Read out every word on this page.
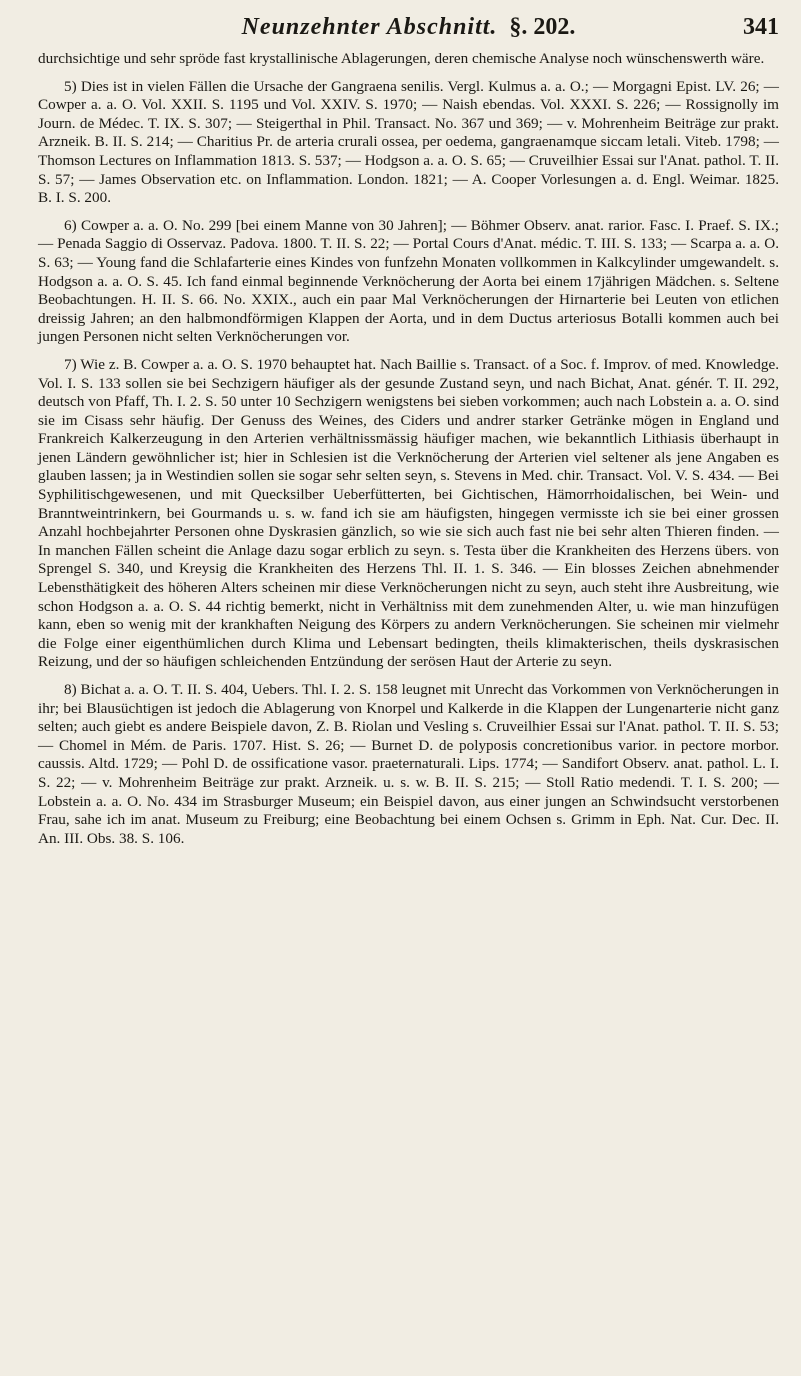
Neunzehnter Abschnitt. §. 202.	341

durchsichtige und sehr spröde fast krystallinische Ablagerungen, deren chemische Analyse noch wünschenswerth wäre.

5) Dies ist in vielen Fällen die Ursache der Gangraena senilis. Vergl. Kulmus a. a. O.; — Morgagni Epist. LV. 26; — Cowper a. a. O. Vol. XXII. S. 1195 und Vol. XXIV. S. 1970; — Naish ebendas. Vol. XXXI. S. 226; — Rossignolly im Journ. de Médec. T. IX. S. 307; — Steigerthal in Phil. Transact. No. 367 und 369; — v. Mohrenheim Beiträge zur prakt. Arzneik. B. II. S. 214; — Charitius Pr. de arteria crurali ossea, per oedema, gangraenamque siccam letali. Viteb. 1798; — Thomson Lectures on Inflammation 1813. S. 537; — Hodgson a. a. O. S. 65; — Cruveilhier Essai sur l'Anat. pathol. T. II. S. 57; — James Observation etc. on Inflammation. London. 1821; — A. Cooper Vorlesungen a. d. Engl. Weimar. 1825. B. I. S. 200.

6) Cowper a. a. O. No. 299 [bei einem Manne von 30 Jahren]; — Böhmer Observ. anat. rarior. Fasc. I. Praef. S. IX.; — Penada Saggio di Osservaz. Padova. 1800. T. II. S. 22; — Portal Cours d'Anat. médic. T. III. S. 133; — Scarpa a. a. O. S. 63; — Young fand die Schlafarterie eines Kindes von funfzehn Monaten vollkommen in Kalkcylinder umgewandelt. s. Hodgson a. a. O. S. 45. Ich fand einmal beginnende Verknöcherung der Aorta bei einem 17jährigen Mädchen. s. Seltene Beobachtungen. H. II. S. 66. No. XXIX., auch ein paar Mal Verknöcherungen der Hirnarterie bei Leuten von etlichen dreissig Jahren; an den halbmondförmigen Klappen der Aorta, und in dem Ductus arteriosus Botalli kommen auch bei jungen Personen nicht selten Verknöcherungen vor.

7) Wie z. B. Cowper a. a. O. S. 1970 behauptet hat. Nach Baillie s. Transact. of a Soc. f. Improv. of med. Knowledge. Vol. I. S. 133 sollen sie bei Sechzigern häufiger als der gesunde Zustand seyn, und nach Bichat, Anat. génér. T. II. 292, deutsch von Pfaff, Th. I. 2. S. 50 unter 10 Sechzigern wenigstens bei sieben vorkommen; auch nach Lobstein a. a. O. sind sie im Cisass sehr häufig. Der Genuss des Weines, des Ciders und andrer starker Getränke mögen in England und Frankreich Kalkerzeugung in den Arterien verhältnissmässig häufiger machen, wie bekanntlich Lithiasis überhaupt in jenen Ländern gewöhnlicher ist; hier in Schlesien ist die Verknöcherung der Arterien viel seltener als jene Angaben es glauben lassen; ja in Westindien sollen sie sogar sehr selten seyn, s. Stevens in Med. chir. Transact. Vol. V. S. 434. — Bei Syphilitischgewesenen, und mit Quecksilber Ueberfütterten, bei Gichtischen, Hämorrhoidalischen, bei Wein- und Branntweintrinkern, bei Gourmands u. s. w. fand ich sie am häufigsten, hingegen vermisste ich sie bei einer grossen Anzahl hochbejahrter Personen ohne Dyskrasien gänzlich, so wie sie sich auch fast nie bei sehr alten Thieren finden. — In manchen Fällen scheint die Anlage dazu sogar erblich zu seyn. s. Testa über die Krankheiten des Herzens übers. von Sprengel S. 340, und Kreysig die Krankheiten des Herzens Thl. II. 1. S. 346. — Ein blosses Zeichen abnehmender Lebensthätigkeit des höheren Alters scheinen mir diese Verknöcherungen nicht zu seyn, auch steht ihre Ausbreitung, wie schon Hodgson a. a. O. S. 44 richtig bemerkt, nicht in Verhältniss mit dem zunehmenden Alter, u. wie man hinzufügen kann, eben so wenig mit der krankhaften Neigung des Körpers zu andern Verknöcherungen. Sie scheinen mir vielmehr die Folge einer eigenthümlichen durch Klima und Lebensart bedingten, theils klimakterischen, theils dyskrasischen Reizung, und der so häufigen schleichenden Entzündung der serösen Haut der Arterie zu seyn.

8) Bichat a. a. O. T. II. S. 404, Uebers. Thl. I. 2. S. 158 leugnet mit Unrecht das Vorkommen von Verknöcherungen in ihr; bei Blausüchtigen ist jedoch die Ablagerung von Knorpel und Kalkerde in die Klappen der Lungenarterie nicht ganz selten; auch giebt es andere Beispiele davon, Z. B. Riolan und Vesling s. Cruveilhier Essai sur l'Anat. pathol. T. II. S. 53; — Chomel in Mém. de Paris. 1707. Hist. S. 26; — Burnet D. de polyposis concretionibus varior. in pectore morbor. caussis. Altd. 1729; — Pohl D. de ossificatione vasor. praeternaturali. Lips. 1774; — Sandifort Observ. anat. pathol. L. I. S. 22; — v. Mohrenheim Beiträge zur prakt. Arzneik. u. s. w. B. II. S. 215; — Stoll Ratio medendi. T. I. S. 200; — Lobstein a. a. O. No. 434 im Strasburger Museum; ein Beispiel davon, aus einer jungen an Schwindsucht verstorbenen Frau, sahe ich im anat. Museum zu Freiburg; eine Beobachtung bei einem Ochsen s. Grimm in Eph. Nat. Cur. Dec. II. An. III. Obs. 38. S. 106.
